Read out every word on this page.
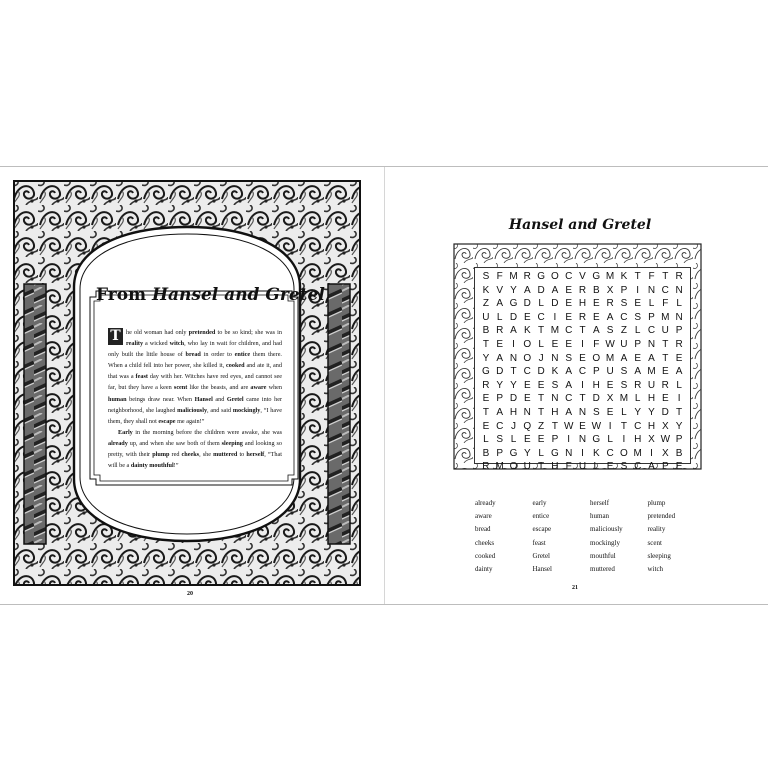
From Hansel and Gretel

T he old woman had only pretended to be so kind; she was in reality a wicked witch, who lay in wait for children, and had only built the little house of bread in order to entice them there. When a child fell into her power, she killed it, cooked and ate it, and that was a feast day with her. Witches have red eyes, and cannot see far, but they have a keen scent like the beasts, and are aware when human beings draw near. When Hansel and Gretel came into her neighborhood, she laughed maliciously, and said mockingly, “I have them, they shall not escape me again!”

Early in the morning before the children were awake, she was already up, and when she saw both of them sleeping and looking so pretty, with their plump red cheeks, she muttered to herself, “That will be a dainty mouthful!”

20
Hansel and Gretel
S F M R G O C V G M K T F T R
K V Y A D A E R B X P I N C N
Z A G D L D E H E R S E L F L
U L D E C I E R E A C S P M N
B R A K T M C T A S Z L C U P
T E I O L E E I F W U P N T R
Y A N O J N S E O M A E A T E
G D T C D K A C P U S A M E A
R Y Y E E S A I H E S R U R L
E P D E T N C T D X M L H E I
T A H N T H A N S E L Y Y D T
E C J Q Z T W E W I T C H X Y
L S L E E P I N G L I H X W P
B P G Y L G N I K C O M I X B
R M O U T H F U L E S C A P E
already
aware
bread
cheeks
cooked
dainty
early
entice
escape
feast
Gretel
Hansel
herself
human
maliciously
mockingly
mouthful
muttered
plump
pretended
reality
scent
sleeping
witch
21
